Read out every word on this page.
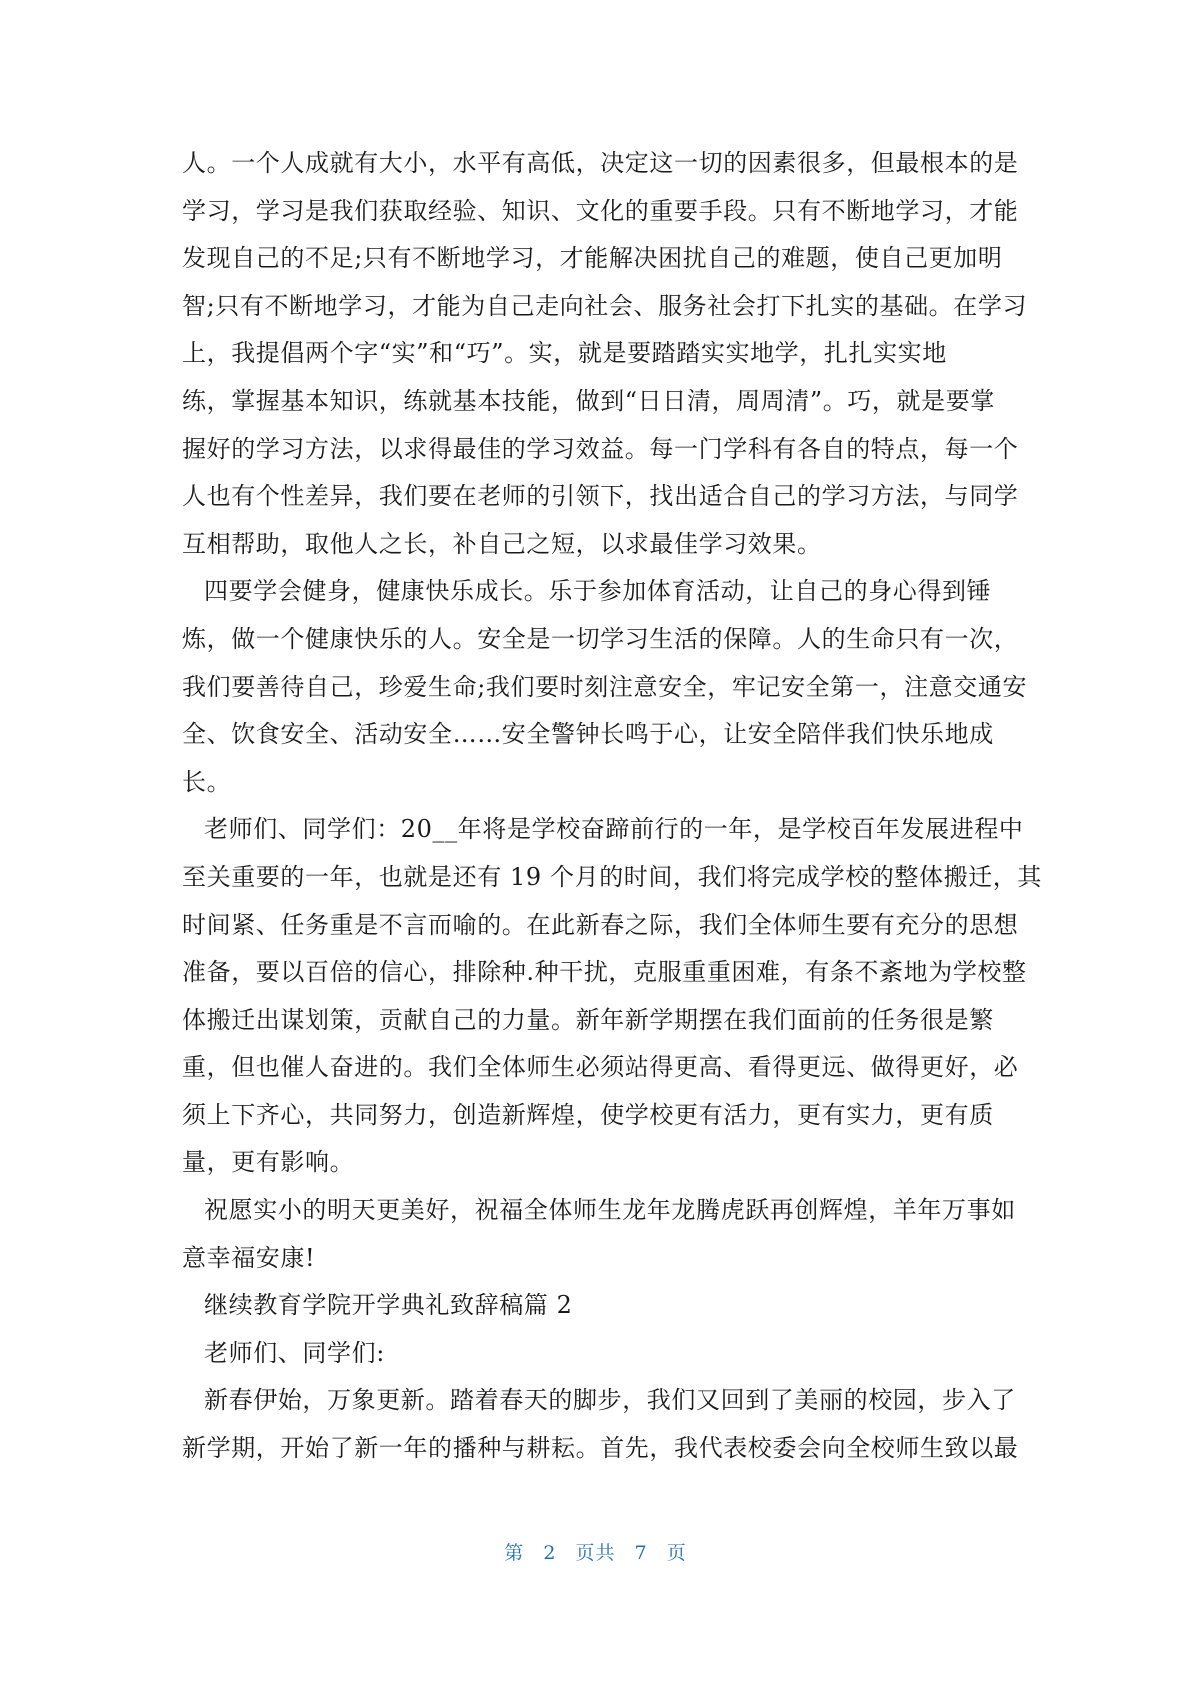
人。一个人成就有大小，水平有高低，决定这一切的因素很多，但最根本的是
学习，学习是我们获取经验、知识、文化的重要手段。只有不断地学习，才能
发现自己的不足;只有不断地学习，才能解决困扰自己的难题，使自己更加明
智;只有不断地学习，才能为自己走向社会、服务社会打下扎实的基础。在学习
上，我提倡两个字“实”和“巧”。实，就是要踏踏实实地学，扎扎实实地
练，掌握基本知识，练就基本技能，做到“日日清，周周清”。巧，就是要掌
握好的学习方法，以求得最佳的学习效益。每一门学科有各自的特点，每一个
人也有个性差异，我们要在老师的引领下，找出适合自己的学习方法，与同学
互相帮助，取他人之长，补自己之短，以求最佳学习效果。
四要学会健身，健康快乐成长。乐于参加体育活动，让自己的身心得到锤
炼，做一个健康快乐的人。安全是一切学习生活的保障。人的生命只有一次，
我们要善待自己，珍爱生命;我们要时刻注意安全，牢记安全第一，注意交通安
全、饮食安全、活动安全……安全警钟长鸣于心，让安全陪伴我们快乐地成
长。
老师们、同学们：20__年将是学校奋蹄前行的一年，是学校百年发展进程中
至关重要的一年，也就是还有 19 个月的时间，我们将完成学校的整体搬迁，其
时间紧、任务重是不言而喻的。在此新春之际，我们全体师生要有充分的思想
准备，要以百倍的信心，排除种.种干扰，克服重重困难，有条不紊地为学校整
体搬迁出谋划策，贡献自己的力量。新年新学期摆在我们面前的任务很是繁
重，但也催人奋进的。我们全体师生必须站得更高、看得更远、做得更好，必
须上下齐心，共同努力，创造新辉煌，使学校更有活力，更有实力，更有质
量，更有影响。
祝愿实小的明天更美好，祝福全体师生龙年龙腾虎跃再创辉煌，羊年万事如
意幸福安康!
继续教育学院开学典礼致辞稿篇 2
老师们、同学们:
新春伊始，万象更新。踏着春天的脚步，我们又回到了美丽的校园，步入了
新学期，开始了新一年的播种与耕耘。首先，我代表校委会向全校师生致以最
第 2 页共 7 页
